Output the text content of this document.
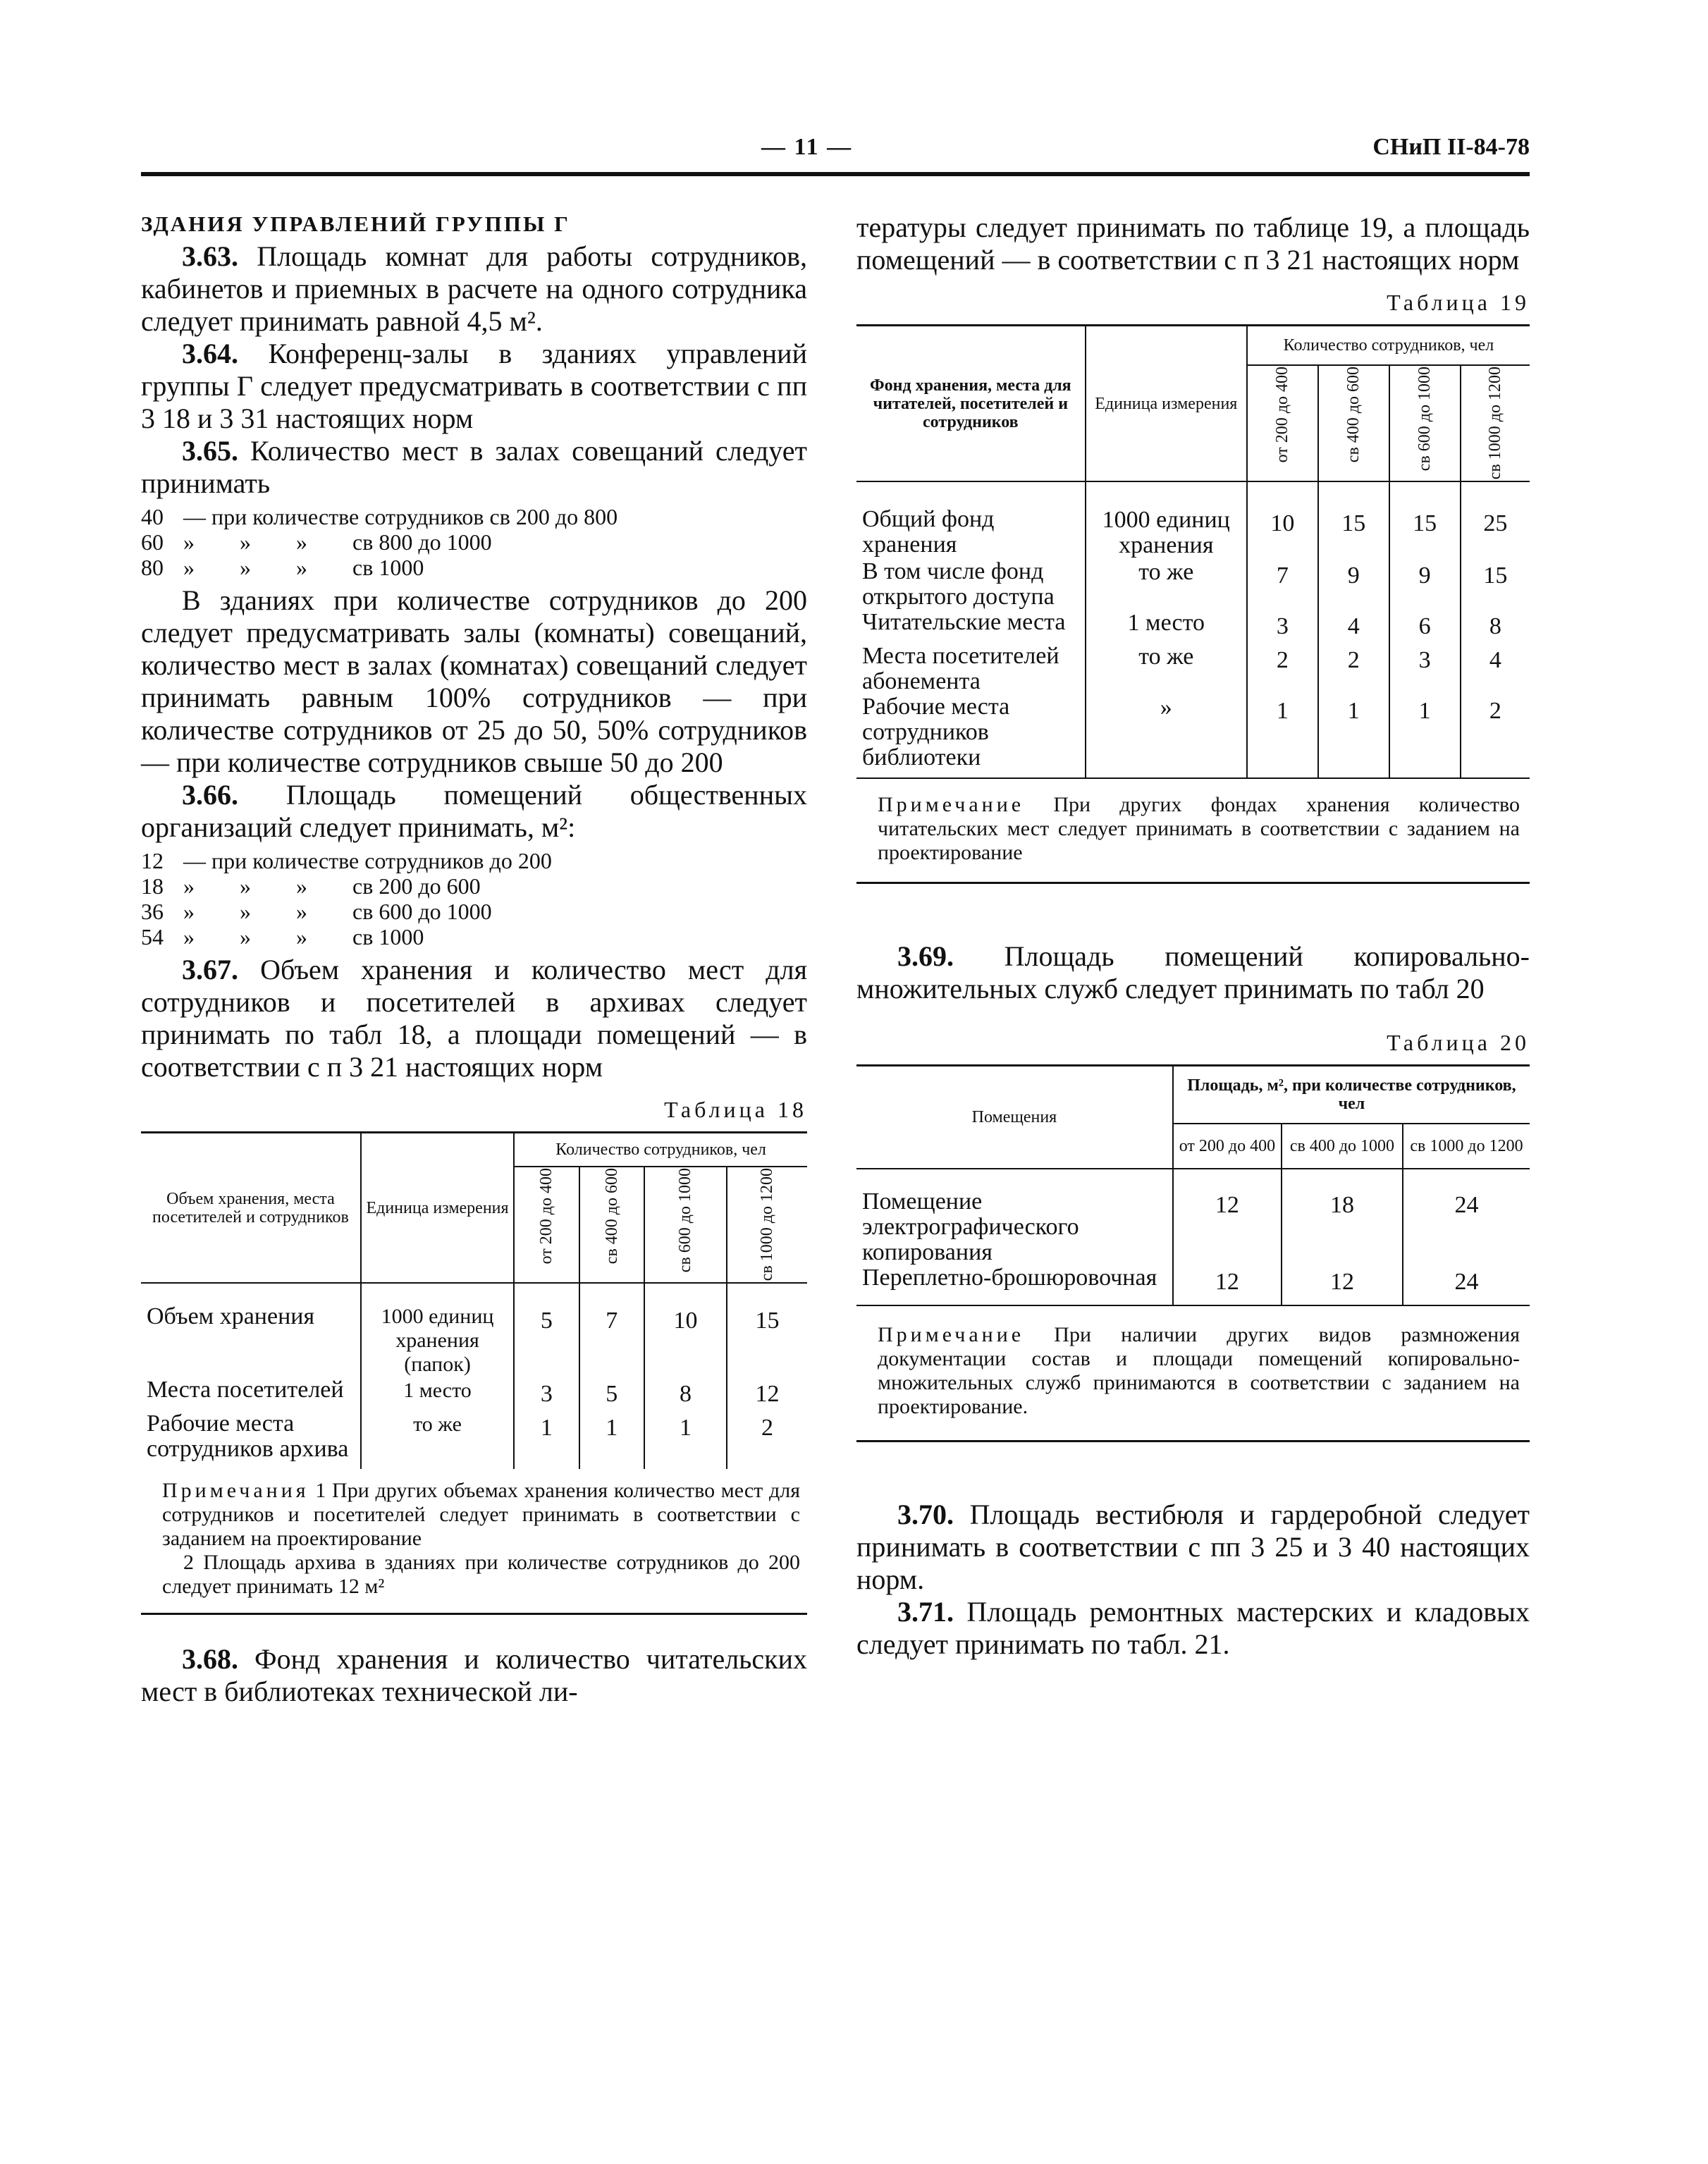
— 11 —	СНиП II-84-78

ЗДАНИЯ УПРАВЛЕНИЙ ГРУППЫ Г

3.63. Площадь комнат для работы сотрудников, кабинетов и приемных в расчете на одного сотрудника следует принимать равной 4,5 м².

3.64. Конференц-залы в зданиях управлений группы Г следует предусматривать в соответствии с пп 3 18 и 3 31 настоящих норм

3.65. Количество мест в залах совещаний следует принимать

40 — при количестве сотрудников св 200 до 800
60 »        »        »        св 800 до 1000
80 »        »        »        св 1000

В зданиях при количестве сотрудников до 200 следует предусматривать залы (комнаты) совещаний, количество мест в залах (комнатах) совещаний следует принимать равным 100% сотрудников — при количестве сотрудников от 25 до 50, 50% сотрудников — при количестве сотрудников свыше 50 до 200

3.66. Площадь помещений общественных организаций следует принимать, м²:

12 — при количестве сотрудников до 200
18 »        »        »        св 200 до 600
36 »        »        »        св 600 до 1000
54 »        »        »        св 1000

3.67. Объем хранения и количество мест для сотрудников и посетителей в архивах следует принимать по табл 18, а площади помещений — в соответствии с п 3 21 настоящих норм

Таблица 18
Объем хранения, места посетителей и сотрудников	Единица измерения	Количество сотрудников, чел			

		от 200 до 400	св 400 до 600	св 600 до 1000	св 1000 до 1200

Объем хранения	1000 единиц хранения (папок)	5	7	10	15
Места посетителей	1 место	3	5	8	12
Рабочие места сотрудников архива	то же	1	1	1	2

Примечания 1 При других объемах хранения количество мест для сотрудников и посетителей следует принимать в соответствии с заданием на проектирование
2 Площадь архива в зданиях при количестве сотрудников до 200 следует принимать 12 м²					

3.68. Фонд хранения и количество читательских мест в библиотеках технической ли-

тературы следует принимать по таблице 19, а площадь помещений — в соответствии с п 3 21 настоящих норм

Таблица 19
Фонд хранения, места для читателей, посетителей и сотрудников	Единица измерения	Количество сотрудников, чел			

		от 200 до 400	св 400 до 600	св 600 до 1000	св 1000 до 1200

Общий фонд хранения	1000 единиц хранения	10	15	15	25
В том числе фонд открытого доступа	то же	7	9	9	15
Читательские места	1 место	3	4	6	8
Места посетителей абонемента	то же	2	2	3	4
Рабочие места сотрудников библиотеки	»	1	1	1	2

Примечание При других фондах хранения количество читательских мест следует принимать в соответствии с заданием на проектирование					

3.69. Площадь помещений копировально-множительных служб следует принимать по табл 20

Таблица 20
Помещения	Площадь, м², при количестве сотрудников, чел		
	от 200 до 400	св 400 до 1000	св 1000 до 1200
Помещение электрографического копирования	12	18	24
Переплетно-брошюровочная	12	12	24

Примечание При наличии других видов размножения документации состав и площади помещений копировально-множительных служб принимаются в соответствии с заданием на проектирование.			

3.70. Площадь вестибюля и гардеробной следует принимать в соответствии с пп 3 25 и 3 40 настоящих норм.

3.71. Площадь ремонтных мастерских и кладовых следует принимать по табл. 21.
